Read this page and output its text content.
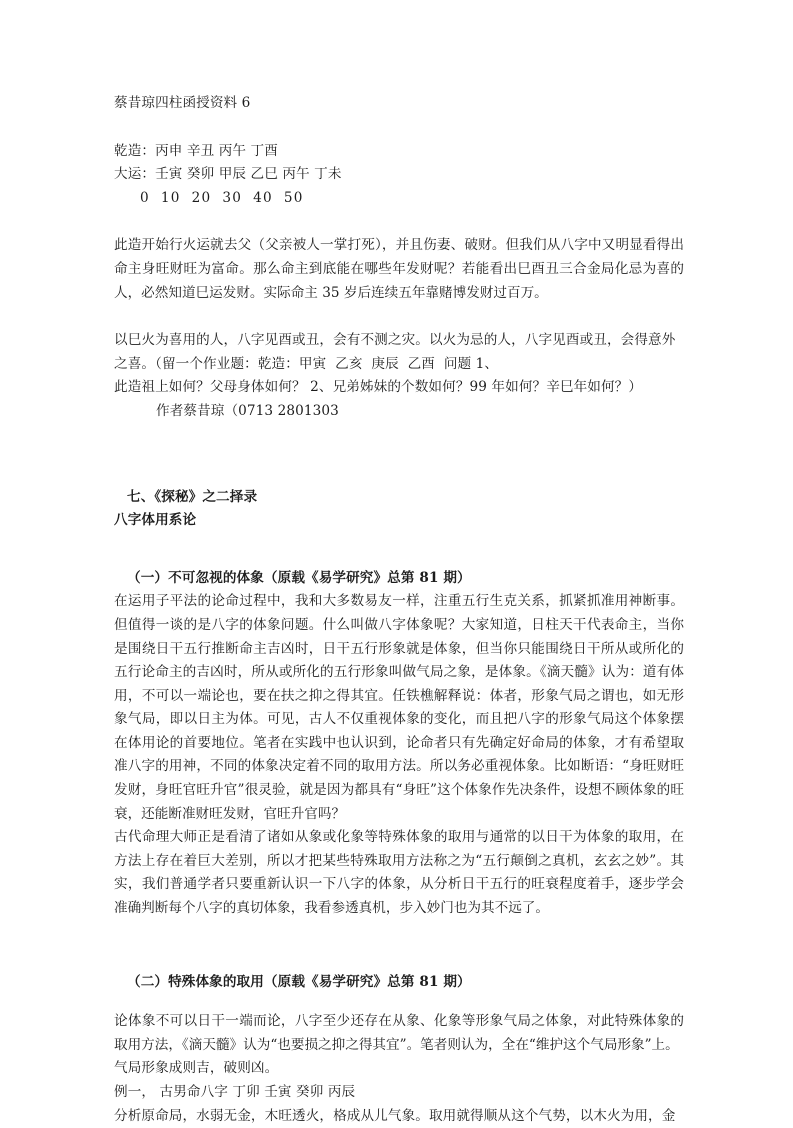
蔡昔琼四柱函授资料 6
乾造：丙申 辛丑 丙午 丁酉
大运：壬寅 癸卯 甲辰 乙巳 丙午 丁未
0  10  20  30  40  50

此造开始行火运就去父（父亲被人一掌打死），并且伤妻、破财。但我们从八字中又明显看得出命主身旺财旺为富命。那么命主到底能在哪些年发财呢？若能看出巳酉丑三合金局化忌为喜的人，必然知道巳运发财。实际命主 35 岁后连续五年靠赌博发财过百万。

以巳火为喜用的人，八字见酉或丑，会有不测之灾。以火为忌的人，八字见酉或丑，会得意外
之喜。（留一个作业题：乾造：甲寅  乙亥  庚辰  乙酉  问题 1、
此造祖上如何？父母身体如何？ 2、兄弟姊妹的个数如何？99 年如何？辛巳年如何？）
作者蔡昔琼（0713 2801303
七、《探秘》之二择录
八字体用系论
（一）不可忽视的体象（原载《易学研究》总第 81 期）

在运用子平法的论命过程中，我和大多数易友一样，注重五行生克关系，抓紧抓准用神断事。但值得一谈的是八字的体象问题。什么叫做八字体象呢？大家知道，日柱天干代表命主，当你是围绕日干五行推断命主吉凶时，日干五行形象就是体象，但当你只能围绕日干所从或所化的五行论命主的吉凶时，所从或所化的五行形象叫做气局之象，是体象。《滴天髓》认为：道有体用，不可以一端论也，要在扶之抑之得其宜。任铁樵解释说：体者，形象气局之谓也，如无形象气局，即以日主为体。可见，古人不仅重视体象的变化，而且把八字的形象气局这个体象摆在体用论的首要地位。笔者在实践中也认识到，论命者只有先确定好命局的体象，才有希望取准八字的用神，不同的体象决定着不同的取用方法。所以务必重视体象。比如断语：“身旺财旺发财，身旺官旺升官”很灵验，就是因为都具有“身旺”这个体象作先决条件，设想不顾体象的旺衰，还能断准财旺发财，官旺升官吗？

古代命理大师正是看清了诸如从象或化象等特殊体象的取用与通常的以日干为体象的取用，在方法上存在着巨大差别，所以才把某些特殊取用方法称之为“五行颠倒之真机，玄玄之妙”。其实，我们普通学者只要重新认识一下八字的体象，从分析日干五行的旺衰程度着手，逐步学会准确判断每个八字的真切体象，我看参透真机，步入妙门也为其不远了。

（二）特殊体象的取用（原载《易学研究》总第 81 期）

论体象不可以日干一端而论，八字至少还存在从象、化象等形象气局之体象，对此特殊体象的取用方法，《滴天髓》认为“也要损之抑之得其宜”。笔者则认为，全在“维护这个气局形象”上。

气局形象成则吉，破则凶。
例一， 古男命八字 丁卯 壬寅 癸卯 丙辰
分析原命局，水弱无金，木旺透火，格成从儿气象。取用就得顺从这个气势，以木火为用，金
